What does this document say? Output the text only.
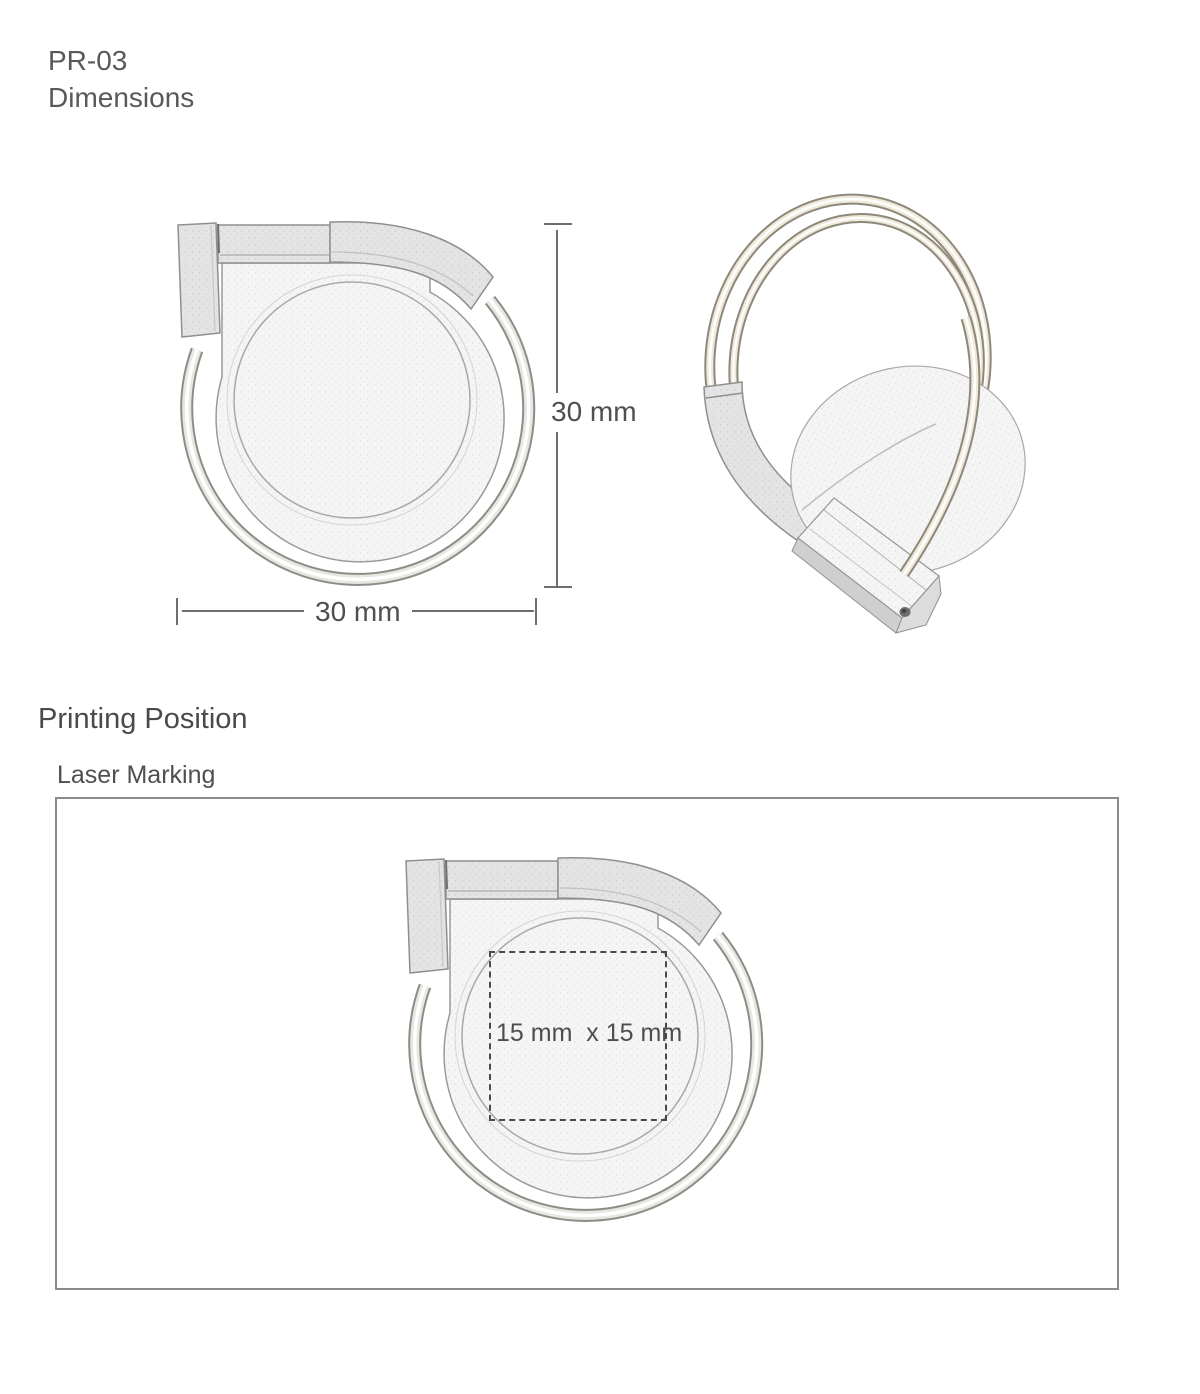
PR-03
Dimensions
30 mm
30 mm
Printing Position
Laser Marking
15 mm  x 15 mm
